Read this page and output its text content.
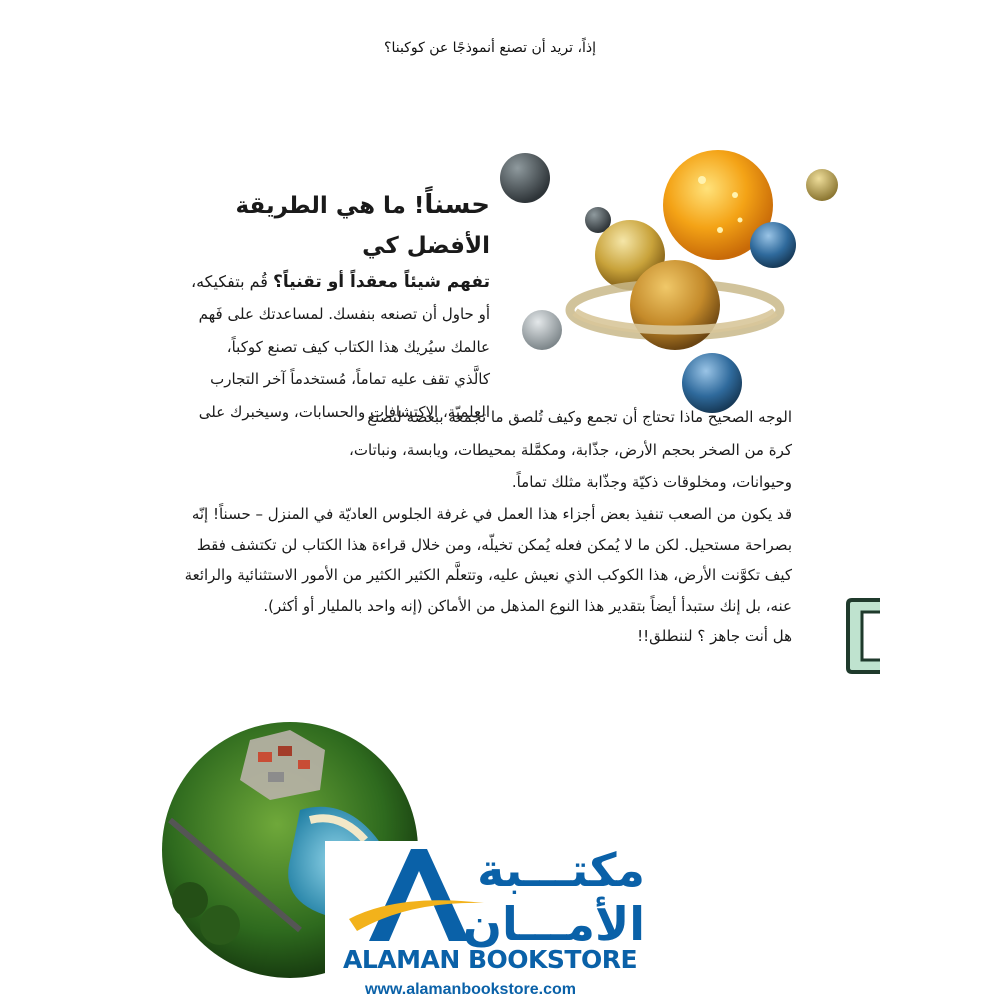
إذاً، تريد أن تصنع أنموذجًا عن كوكبنا؟
حسناً! ما هي الطريقة الأفضل كي
تفهم شيئاً معقداً أو تقنياً؟ قُم بتفكيكه،
أو حاول أن تصنعه بنفسك. لمساعدتك على فَهم
عالمك سيُريك هذا الكتاب كيف تصنع كوكباً،
كالَّذي تقف عليه تماماً، مُستخدماً آخر التجارب
العلميّة، الاكتشافات والحسابات، وسيخبرك على
الوجه الصحيح ماذا تحتاج أن تجمع وكيف تُلصق ما تجمعه ببعضه لتصنع
كرة من الصخر بحجم الأرض، جذّابة، ومكمَّلة بمحيطات، ويابسة، ونباتات،
وحيوانات، ومخلوقات ذكيّة وجذّابة مثلك تماماً.
قد يكون من الصعب تنفيذ بعض أجزاء هذا العمل في غرفة الجلوس العاديّة في المنزل – حسناً! إنّه
بصراحة مستحيل. لكن ما لا يُمكن فعله يُمكن تخيلّه، ومن خلال قراءة هذا الكتاب لن تكتشف فقط
كيف تكوَّنت الأرض، هذا الكوكب الذي نعيش عليه، وتتعلَّم الكثير الكثير من الأمور الاستثنائية والرائعة
عنه، بل إنك ستبدأ أيضاً بتقدير هذا النوع المذهل من الأماكن (إنه واحد بالمليار أو أكثر).
هل أنت جاهز ؟ لننطلق!!
مكتـــبة
الأمـــان
ALAMAN BOOKSTORE
www.alamanbookstore.com
